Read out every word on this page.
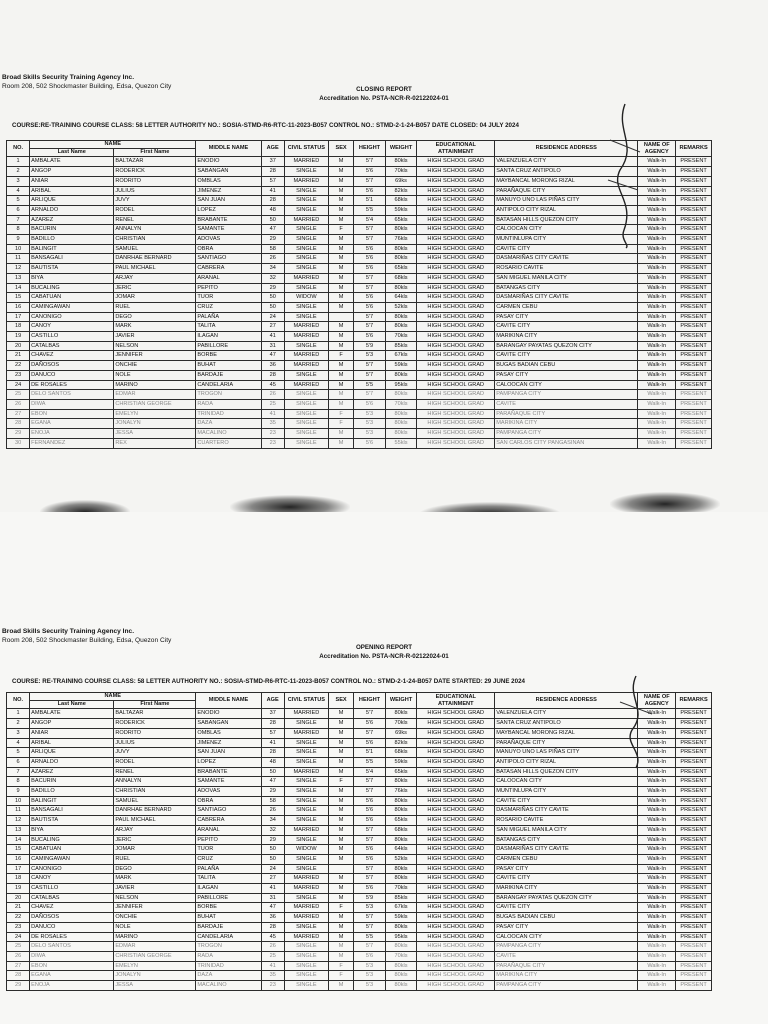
Broad Skills Security Training Agency Inc.
Room 208, 502 Shockmaster Building, Edsa, Quezon City	CLOSING REPORT
Accreditation No. PSTA-NCR-R-02122024-01
COURSE:RE-TRAINING COURSE CLASS: 58 LETTER AUTHORITY NO.: SOSIA-STMD-R6-RTC-11-2023-B057 CONTROL NO.: STMD-2-1-24-B057 DATE CLOSED: 04 JULY 2024
NO.	NAME		MIDDLE NAME	AGE	CIVIL STATUS	SEX	HEIGHT	WEIGHT	EDUCATIONAL ATTAINMENT	RESIDENCE ADDRESS	NAME OF AGENCY	REMARKS
	Last Name	First Name										
1	AMBALATE	BALTAZAR	ENODIO	37	MARRIED	M	5'7	80kls	HIGH SCHOOL GRAD	VALENZUELA CITY	Walk-In	PRESENT
2	ANGOP	RODERICK	SABANGAN	28	SINGLE	M	5'6	70kls	HIGH SCHOOL GRAD	SANTA CRUZ ANTIPOLO	Walk-In	PRESENT
3	ANIAR	RODRITO	OMBLAS	57	MARRIED	M	5'7	69ks	HIGH SCHOOL GRAD	MAYBANCAL MORONG RIZAL	Walk-In	PRESENT
4	ARIBAL	JULIUS	JIMENEZ	41	SINGLE	M	5'6	82kls	HIGH SCHOOL GRAD	PARAÑAQUE CITY	Walk-In	PRESENT
5	ARLIQUE	JUVY	SAN JUAN	28	SINGLE	M	5'1	68kls	HIGH SCHOOL GRAD	MANUYO UNO LAS PIÑAS CITY	Walk-In	PRESENT
6	ARNALDO	RODEL	LOPEZ	48	SINGLE	M	5'5	59kls	HIGH SCHOOL GRAD	ANTIPOLO CITY RIZAL	Walk-In	PRESENT
7	AZAREZ	RENEL	BRABANTE	50	MARRIED	M	5'4	65kls	HIGH SCHOOL GRAD	BATASAN HILLS QUEZON CITY	Walk-In	PRESENT
8	BACURIN	ANNALYN	SAMANTE	47	SINGLE	F	5'7	80kls	HIGH SCHOOL GRAD	CALOOCAN CITY	Walk-In	PRESENT
9	BADILLO	CHRISTIAN	ADOVAS	29	SINGLE	M	5'7	76kls	HIGH SCHOOL GRAD	MUNTINLUPA CITY	Walk-In	PRESENT
10	BALINGIT	SAMUEL	OBRA	58	SINGLE	M	5'6	80kls	HIGH SCHOOL GRAD	CAVITE CITY	Walk-In	PRESENT
11	BANSAGALI	DANRHAE BERNARD	SANTIAGO	26	SINGLE	M	5'6	80kls	HIGH SCHOOL GRAD	DASMARIÑAS CITY CAVITE	Walk-In	PRESENT
12	BAUTISTA	PAUL MICHAEL	CABRERA	34	SINGLE	M	5'6	65kls	HIGH SCHOOL GRAD	ROSARIO CAVITE	Walk-In	PRESENT
13	BIYA	ARJAY	ARANAL	32	MARRIED	M	5'7	68kls	HIGH SCHOOL GRAD	SAN MIGUEL MANILA CITY	Walk-In	PRESENT
14	BUCALING	JERIC	PEPITO	29	SINGLE	M	5'7	80kls	HIGH SCHOOL GRAD	BATANGAS CITY	Walk-In	PRESENT
15	CABATUAN	JOMAR	TUOR	50	WIDOW	M	5'6	64kls	HIGH SCHOOL GRAD	DASMARIÑAS CITY CAVITE	Walk-In	PRESENT
16	CAMINGAWAN	RUEL	CRUZ	50	SINGLE	M	5'6	52kls	HIGH SCHOOL GRAD	CARMEN CEBU	Walk-In	PRESENT
17	CANONIGO	DEGO	PALAÑA	24	SINGLE		5'7	80kls	HIGH SCHOOL GRAD	PASAY CITY	Walk-In	PRESENT
18	CANOY	MARK	TALITA	27	MARRIED	M	5'7	80kls	HIGH SCHOOL GRAD	CAVITE CITY	Walk-In	PRESENT
19	CASTILLO	JAVIER	ILAGAN	41	MARRIED	M	5'6	70kls	HIGH SCHOOL GRAD	MARIKINA CITY	Walk-In	PRESENT
20	CATALBAS	NELSON	PABILLORE	31	SINGLE	M	5'9	85kls	HIGH SCHOOL GRAD	BARANGAY PAYATAS QUEZON CITY	Walk-In	PRESENT
21	CHAVEZ	JENNIFER	BORBE	47	MARRIED	F	5'3	67kls	HIGH SCHOOL GRAD	CAVITE CITY	Walk-In	PRESENT
22	DAÑOSOS	ONCHIE	BUHAT	36	MARRIED	M	5'7	59kls	HIGH SCHOOL GRAD	BUGAS BADIAN CEBU	Walk-In	PRESENT
23	DANUCO	NOLE	BARDAJE	28	SINGLE	M	5'7	80kls	HIGH SCHOOL GRAD	PASAY CITY	Walk-In	PRESENT
24	DE ROSALES	MARINO	CANDELARIA	45	MARRIED	M	5'5	95kls	HIGH SCHOOL GRAD	CALOOCAN CITY	Walk-In	PRESENT
25	DELO SANTOS	EDMAR	TROGON	26	SINGLE	M	5'7	80kls	HIGH SCHOOL GRAD	PAMPANGA CITY	Walk-In	PRESENT
26	DIWA	CHRISTIAN GEORGE	RADA	25	SINGLE	M	5'6	70kls	HIGH SCHOOL GRAD	CAVITE	Walk-In	PRESENT
27	EBON	EMELYN	TRINIDAD	41	SINGLE	F	5'3	80kls	HIGH SCHOOL GRAD	PARAÑAQUE CITY	Walk-In	PRESENT
28	EGANA	JONALYN	DAZA	35	SINGLE	F	5'3	80kls	HIGH SCHOOL GRAD	MARIKINA CITY	Walk-In	PRESENT
29	ENOJA	JESSA	MACALINO	23	SINGLE	M	5'3	80kls	HIGH SCHOOL GRAD	PAMPANGA CITY	Walk-In	PRESENT
30	FERNANDEZ	REX	CUARTERO	23	SINGLE	M	5'6	55kls	HIGH SCHOOL GRAD	SAN CARLOS CITY PANGASINAN	Walk-In	PRESENT
Broad Skills Security Training Agency Inc.
Room 208, 502 Shockmaster Building, Edsa, Quezon City
OPENING REPORT
Accreditation No. PSTA-NCR-R-02122024-01
COURSE: RE-TRAINING COURSE CLASS: 58 LETTER AUTHORITY NO.: SOSIA-STMD-R6-RTC-11-2023-B057 CONTROL NO.: STMD-2-1-24-B057 DATE STARTED: 29 JUNE 2024
NO.	NAME		MIDDLE NAME	AGE	CIVIL STATUS	SEX	HEIGHT	WEIGHT	EDUCATIONAL ATTAINMENT	RESIDENCE ADDRESS	NAME OF AGENCY	REMARKS
	Last Name	First Name										
1	AMBALATE	BALTAZAR	ENODIO	37	MARRIED	M	5'7	80kls	HIGH SCHOOL GRAD	VALENZUELA CITY	Walk-In	PRESENT
2	ANGOP	RODERICK	SABANGAN	28	SINGLE	M	5'6	70kls	HIGH SCHOOL GRAD	SANTA CRUZ ANTIPOLO	Walk-In	PRESENT
3	ANIAR	RODRITO	OMBLAS	57	MARRIED	M	5'7	69ks	HIGH SCHOOL GRAD	MAYBANCAL MORONG RIZAL	Walk-In	PRESENT
4	ARIBAL	JULIUS	JIMENEZ	41	SINGLE	M	5'6	82kls	HIGH SCHOOL GRAD	PARAÑAQUE CITY	Walk-In	PRESENT
5	ARLIQUE	JUVY	SAN JUAN	28	SINGLE	M	5'1	68kls	HIGH SCHOOL GRAD	MANUYO UNO LAS PIÑAS CITY	Walk-In	PRESENT
6	ARNALDO	RODEL	LOPEZ	48	SINGLE	M	5'5	59kls	HIGH SCHOOL GRAD	ANTIPOLO CITY RIZAL	Walk-In	PRESENT
7	AZAREZ	RENEL	BRABANTE	50	MARRIED	M	5'4	65kls	HIGH SCHOOL GRAD	BATASAN HILLS QUEZON CITY	Walk-In	PRESENT
8	BACURIN	ANNALYN	SAMANTE	47	SINGLE	F	5'7	80kls	HIGH SCHOOL GRAD	CALOOCAN CITY	Walk-In	PRESENT
9	BADILLO	CHRISTIAN	ADOVAS	29	SINGLE	M	5'7	76kls	HIGH SCHOOL GRAD	MUNTINLUPA CITY	Walk-In	PRESENT
10	BALINGIT	SAMUEL	OBRA	58	SINGLE	M	5'6	80kls	HIGH SCHOOL GRAD	CAVITE CITY	Walk-In	PRESENT
11	BANSAGALI	DANRHAE BERNARD	SANTIAGO	26	SINGLE	M	5'6	80kls	HIGH SCHOOL GRAD	DASMARIÑAS CITY CAVITE	Walk-In	PRESENT
12	BAUTISTA	PAUL MICHAEL	CABRERA	34	SINGLE	M	5'6	65kls	HIGH SCHOOL GRAD	ROSARIO CAVITE	Walk-In	PRESENT
13	BIYA	ARJAY	ARANAL	32	MARRIED	M	5'7	68kls	HIGH SCHOOL GRAD	SAN MIGUEL MANILA CITY	Walk-In	PRESENT
14	BUCALING	JERIC	PEPITO	29	SINGLE	M	5'7	80kls	HIGH SCHOOL GRAD	BATANGAS CITY	Walk-In	PRESENT
15	CABATUAN	JOMAR	TUOR	50	WIDOW	M	5'6	64kls	HIGH SCHOOL GRAD	DASMARIÑAS CITY CAVITE	Walk-In	PRESENT
16	CAMINGAWAN	RUEL	CRUZ	50	SINGLE	M	5'6	52kls	HIGH SCHOOL GRAD	CARMEN CEBU	Walk-In	PRESENT
17	CANONIGO	DEGO	PALAÑA	24	SINGLE		5'7	80kls	HIGH SCHOOL GRAD	PASAY CITY	Walk-In	PRESENT
18	CANOY	MARK	TALITA	27	MARRIED	M	5'7	80kls	HIGH SCHOOL GRAD	CAVITE CITY	Walk-In	PRESENT
19	CASTILLO	JAVIER	ILAGAN	41	MARRIED	M	5'6	70kls	HIGH SCHOOL GRAD	MARIKINA CITY	Walk-In	PRESENT
20	CATALBAS	NELSON	PABILLORE	31	SINGLE	M	5'9	85kls	HIGH SCHOOL GRAD	BARANGAY PAYATAS QUEZON CITY	Walk-In	PRESENT
21	CHAVEZ	JENNIFER	BORBE	47	MARRIED	F	5'3	67kls	HIGH SCHOOL GRAD	CAVITE CITY	Walk-In	PRESENT
22	DAÑOSOS	ONCHIE	BUHAT	36	MARRIED	M	5'7	59kls	HIGH SCHOOL GRAD	BUGAS BADIAN CEBU	Walk-In	PRESENT
23	DANUCO	NOLE	BARDAJE	28	SINGLE	M	5'7	80kls	HIGH SCHOOL GRAD	PASAY CITY	Walk-In	PRESENT
24	DE ROSALES	MARINO	CANDELARIA	45	MARRIED	M	5'5	95kls	HIGH SCHOOL GRAD	CALOOCAN CITY	Walk-In	PRESENT
25	DELO SANTOS	EDMAR	TROGON	26	SINGLE	M	5'7	80kls	HIGH SCHOOL GRAD	PAMPANGA CITY	Walk-In	PRESENT
26	DIWA	CHRISTIAN GEORGE	RADA	25	SINGLE	M	5'6	70kls	HIGH SCHOOL GRAD	CAVITE	Walk-In	PRESENT
27	EBON	EMELYN	TRINIDAD	41	SINGLE	F	5'3	80kls	HIGH SCHOOL GRAD	PARAÑAQUE CITY	Walk-In	PRESENT
28	EGANA	JONALYN	DAZA	35	SINGLE	F	5'3	80kls	HIGH SCHOOL GRAD	MARIKINA CITY	Walk-In	PRESENT
29	ENOJA	JESSA	MACALINO	23	SINGLE	M	5'3	80kls	HIGH SCHOOL GRAD	PAMPANGA CITY	Walk-In	PRESENT
